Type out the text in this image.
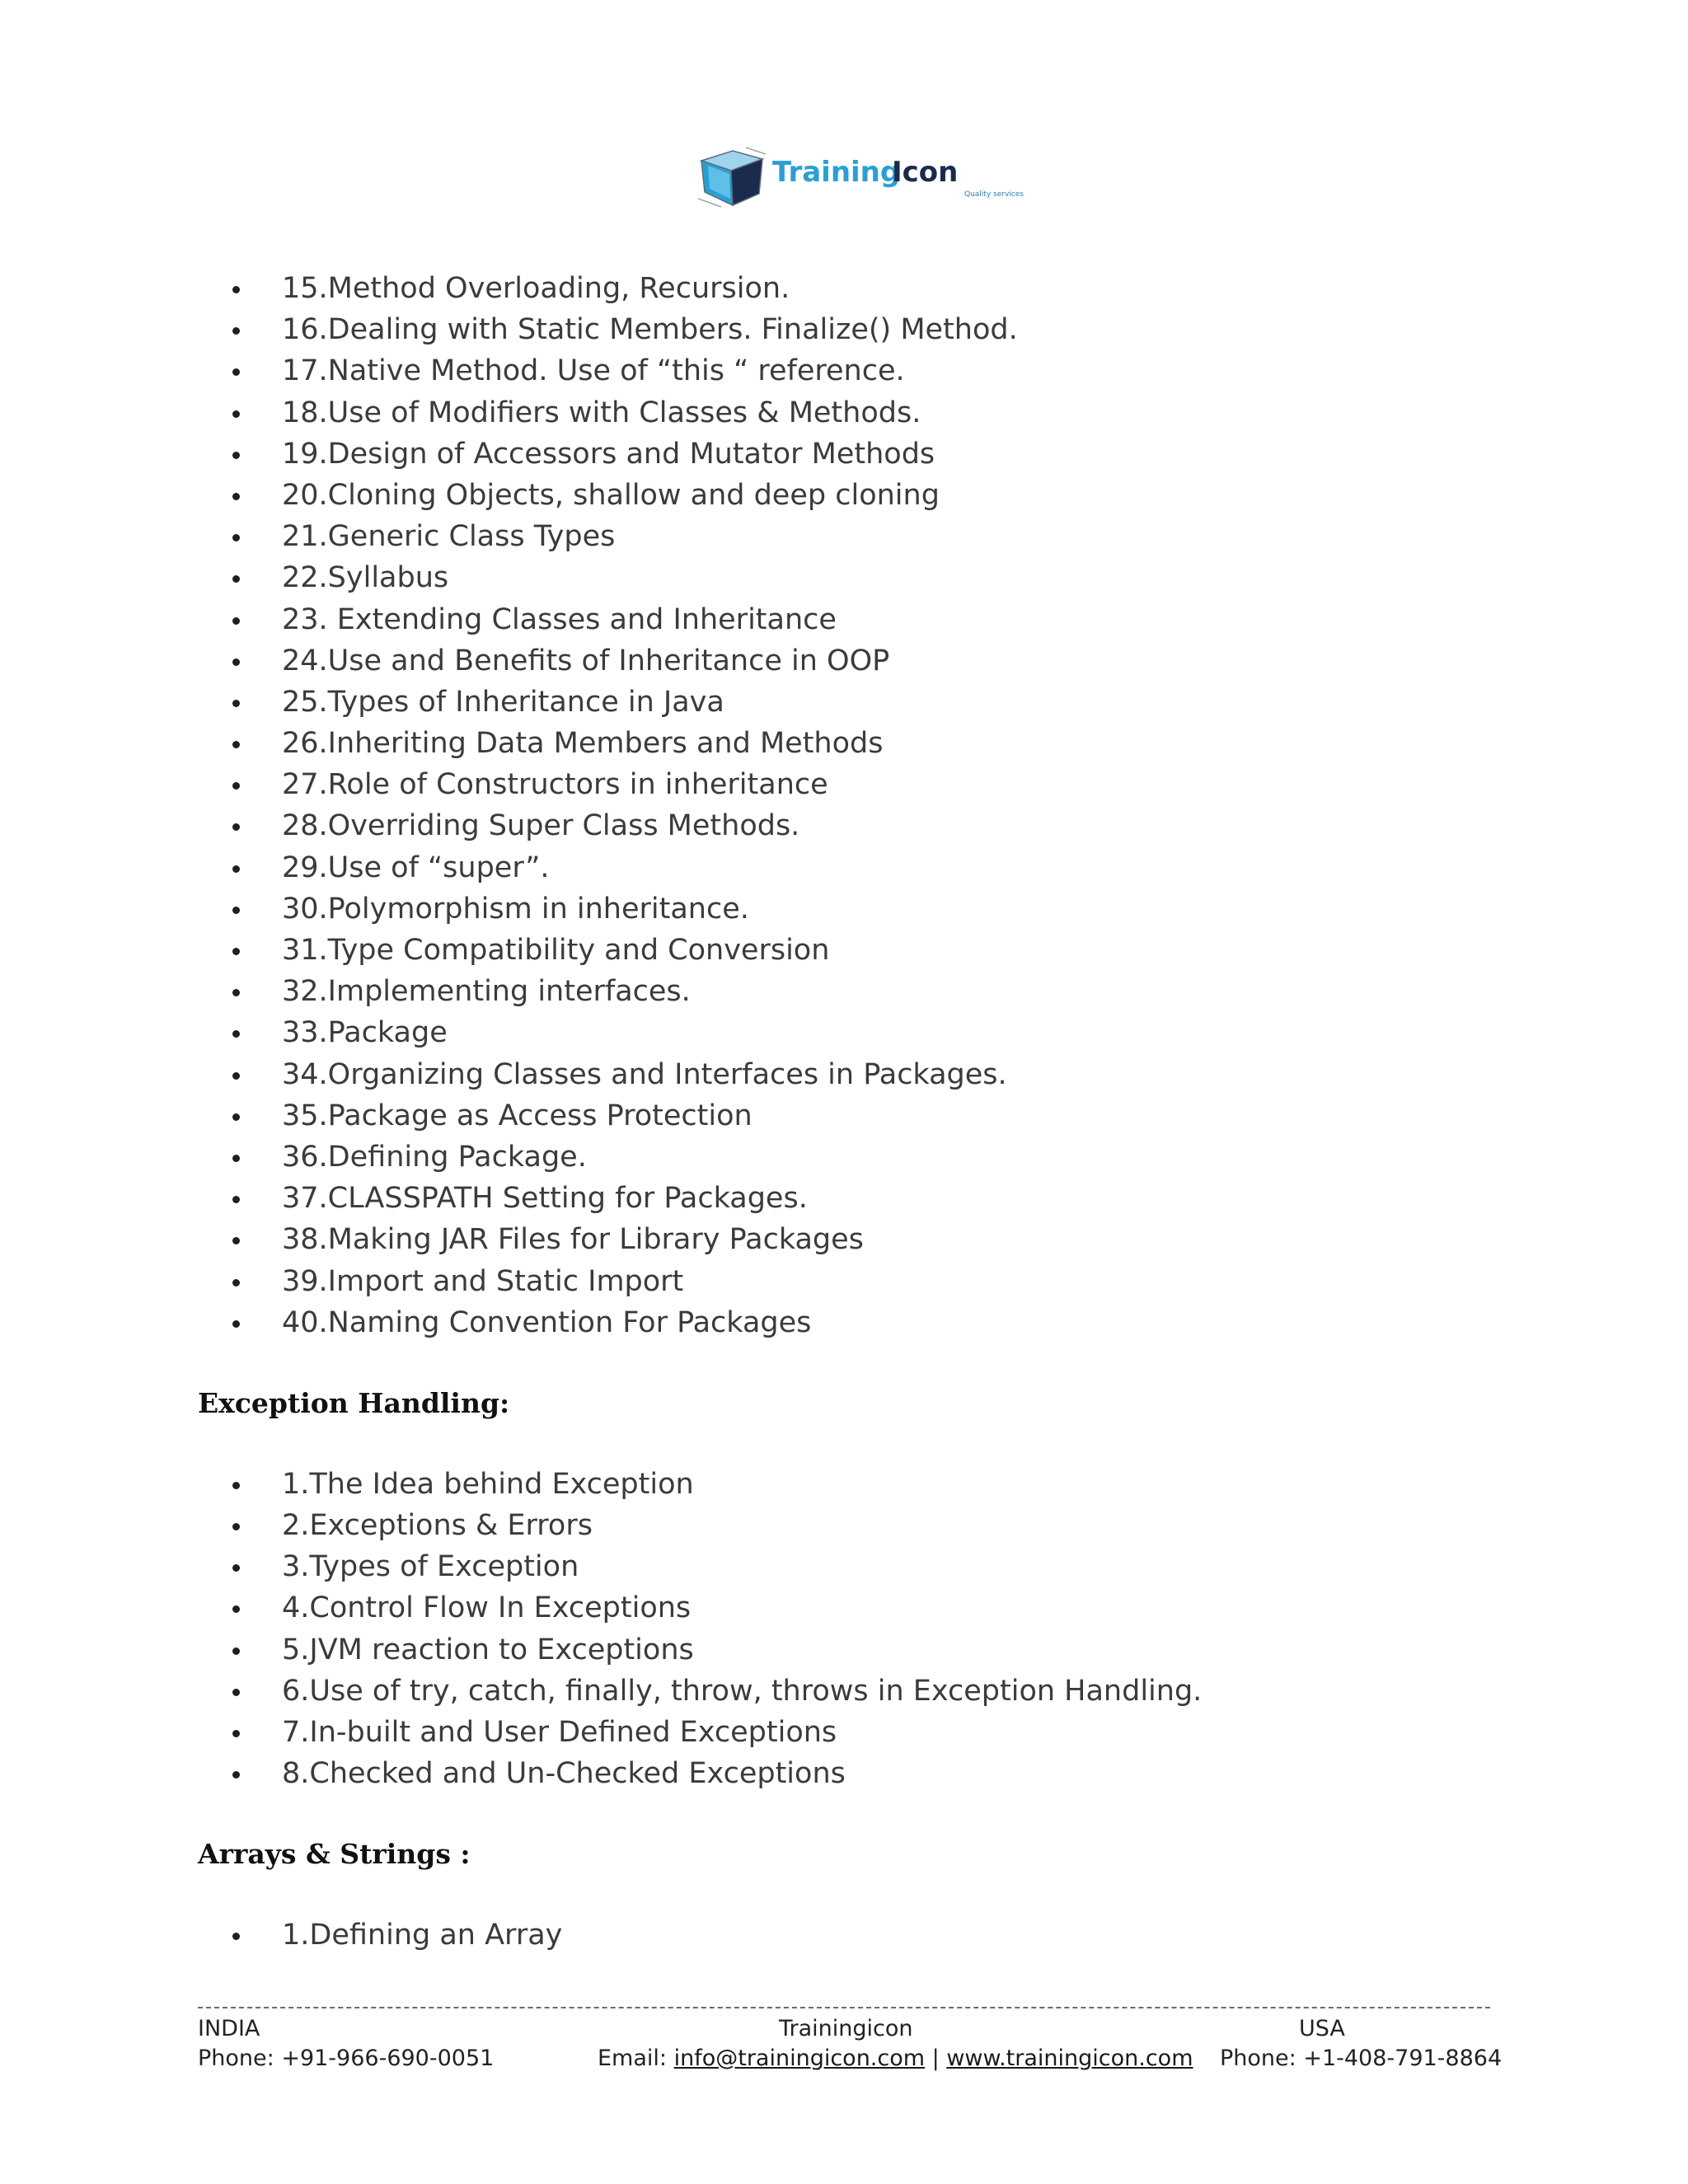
Training
Icon
Quality services
15.Method Overloading, Recursion.
16.Dealing with Static Members. Finalize() Method.
17.Native Method. Use of “this “ reference.
18.Use of Modifiers with Classes & Methods.
19.Design of Accessors and Mutator Methods
20.Cloning Objects, shallow and deep cloning
21.Generic Class Types
22.Syllabus
23. Extending Classes and Inheritance
24.Use and Benefits of Inheritance in OOP
25.Types of Inheritance in Java
26.Inheriting Data Members and Methods
27.Role of Constructors in inheritance
28.Overriding Super Class Methods.
29.Use of “super”.
30.Polymorphism in inheritance.
31.Type Compatibility and Conversion
32.Implementing interfaces.
33.Package
34.Organizing Classes and Interfaces in Packages.
35.Package as Access Protection
36.Defining Package.
37.CLASSPATH Setting for Packages.
38.Making JAR Files for Library Packages
39.Import and Static Import
40.Naming Convention For Packages
Exception Handling:
1.The Idea behind Exception
2.Exceptions & Errors
3.Types of Exception
4.Control Flow In Exceptions
5.JVM reaction to Exceptions
6.Use of try, catch, finally, throw, throws in Exception Handling.
7.In-built and User Defined Exceptions
8.Checked and Un-Checked Exceptions
Arrays & Strings :
1.Defining an Array
INDIA	Trainingicon	USA
Phone: +91-966-690-0051	Email: info@trainingicon.com | www.trainingicon.com Phone: +1-408-791-8864
